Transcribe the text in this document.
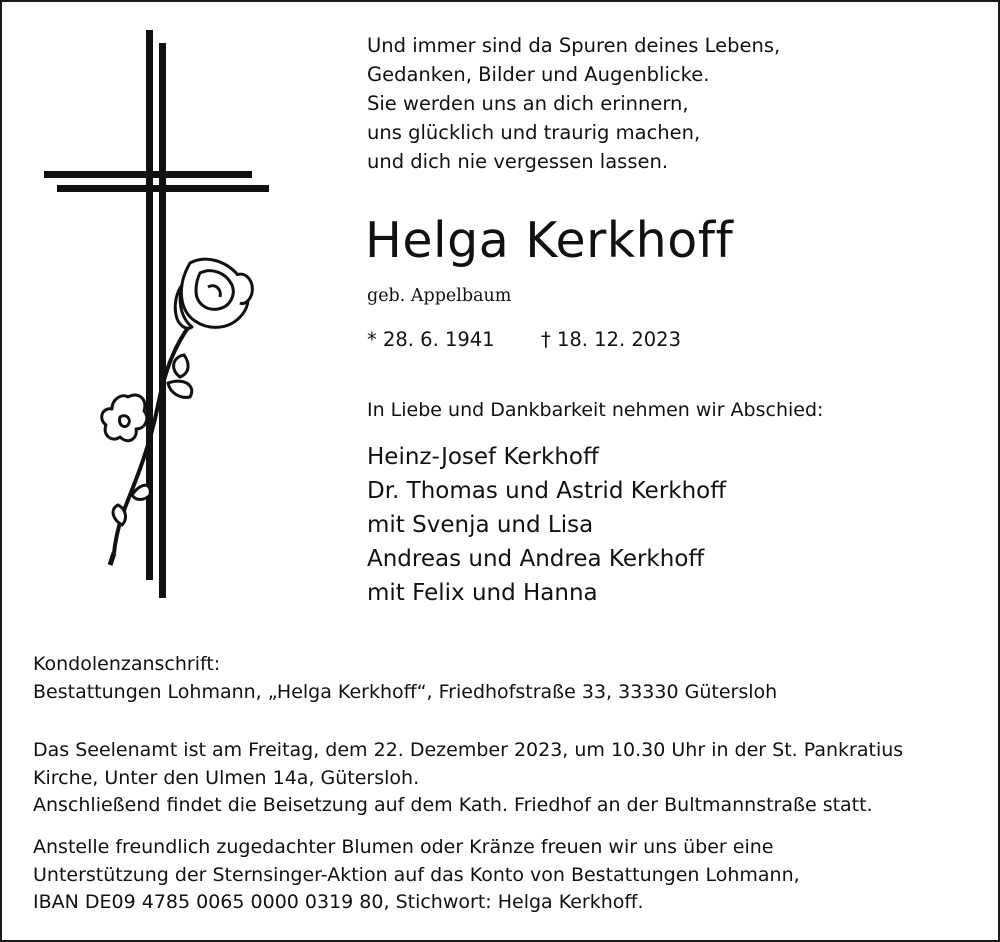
Und immer sind da Spuren deines Lebens,
Gedanken, Bilder und Augenblicke.
Sie werden uns an dich erinnern,
uns glücklich und traurig machen,
und dich nie vergessen lassen.
Helga Kerkhoff
geb. Appelbaum
* 28. 6. 1941 † 18. 12. 2023
In Liebe und Dankbarkeit nehmen wir Abschied:
Heinz-Josef Kerkhoff
Dr. Thomas und Astrid Kerkhoff
mit Svenja und Lisa
Andreas und Andrea Kerkhoff
mit Felix und Hanna
Kondolenzanschrift:
Bestattungen Lohmann, „Helga Kerkhoff“, Friedhofstraße 33, 33330 Gütersloh
Das Seelenamt ist am Freitag, dem 22. Dezember 2023, um 10.30 Uhr in der St. Pankratius
Kirche, Unter den Ulmen 14a, Gütersloh.
Anschließend findet die Beisetzung auf dem Kath. Friedhof an der Bultmannstraße statt.
Anstelle freundlich zugedachter Blumen oder Kränze freuen wir uns über eine
Unterstützung der Sternsinger-Aktion auf das Konto von Bestattungen Lohmann,
IBAN DE09 4785 0065 0000 0319 80, Stichwort: Helga Kerkhoff.
